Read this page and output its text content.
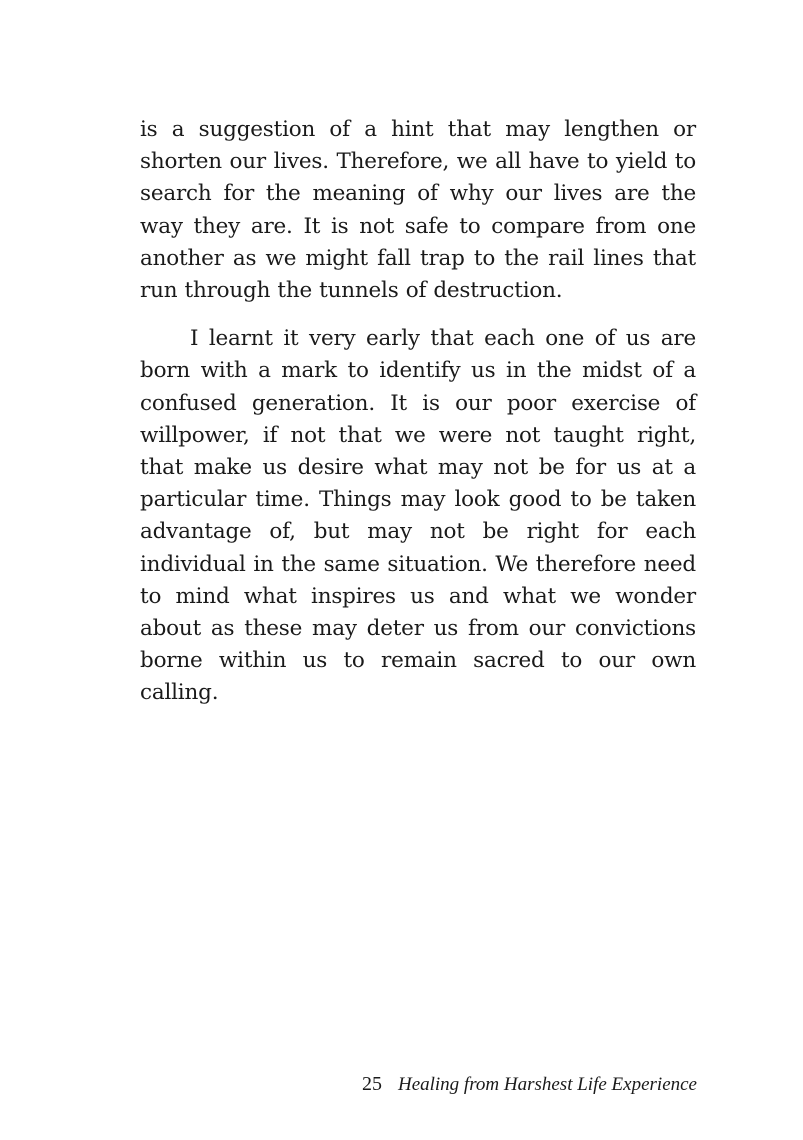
is a suggestion of a hint that may lengthen or shorten our lives. Therefore, we all have to yield to search for the meaning of why our lives are the way they are. It is not safe to compare from one another as we might fall trap to the rail lines that run through the tunnels of destruction.

I learnt it very early that each one of us are born with a mark to identify us in the midst of a confused generation. It is our poor exercise of willpower, if not that we were not taught right, that make us desire what may not be for us at a particular time. Things may look good to be taken advantage of, but may not be right for each individual in the same situation. We therefore need to mind what inspires us and what we wonder about as these may deter us from our convictions borne within us to remain sacred to our own calling.

25 Healing from Harshest Life Experience
